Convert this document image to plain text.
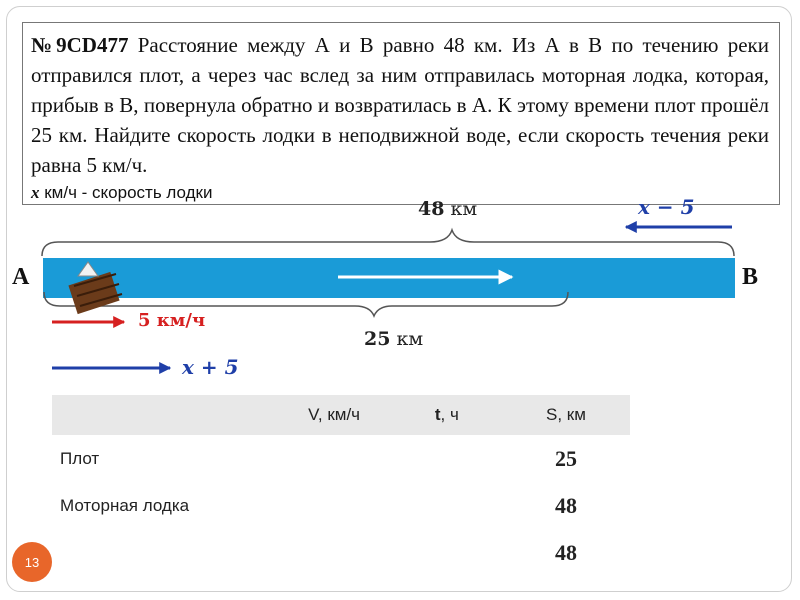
№9CD477 Расстояние между А и В равно 48 км. Из А в В по течению реки отправился плот, а через час вслед за ним отправилась моторная лодка, которая, прибыв в В, повернула обратно и возвратилась в А. К этому времени плот прошёл 25 км. Найдите скорость лодки в неподвижной воде, если скорость течения реки равна 5 км/ч.
x км/ч - скорость лодки
A	B
48 км
25 км
5 км/ч
x − 5
x + 5
	V, км/ч	t, ч	S, км
Плот			25
Моторная лодка			48
			48
13
